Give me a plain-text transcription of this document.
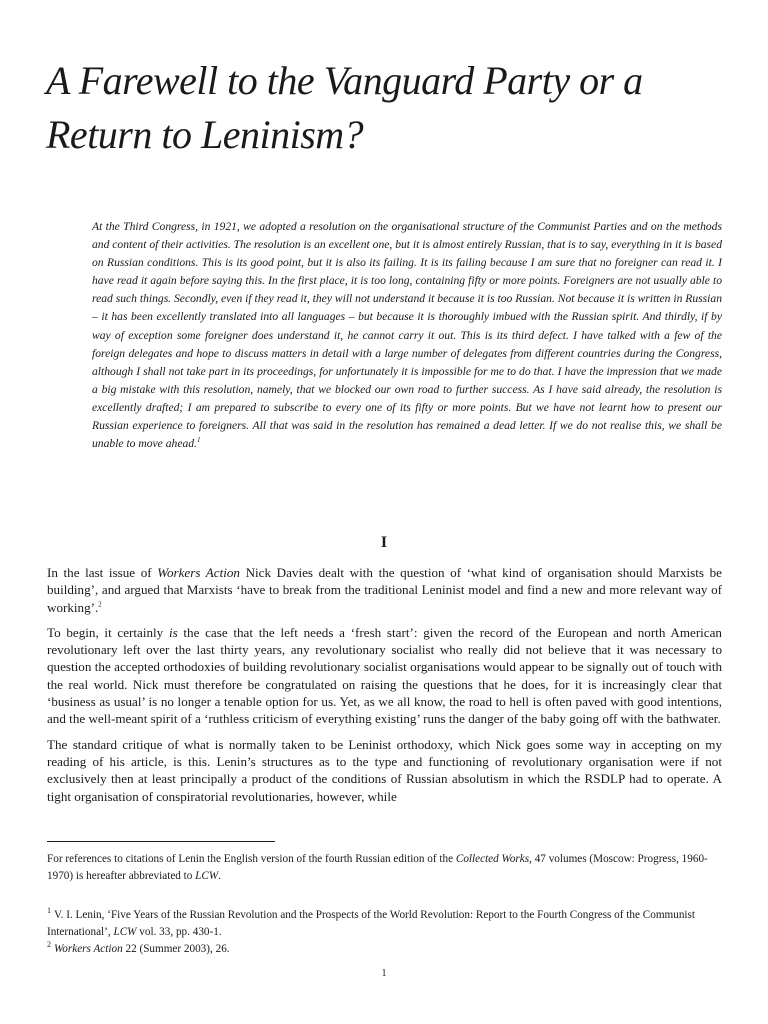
A Farewell to the Vanguard Party or a
Return to Leninism?

At the Third Congress, in 1921, we adopted a resolution on the organisational structure of the Communist Parties and on the methods and content of their activities. The resolution is an excellent one, but it is almost entirely Russian, that is to say, everything in it is based on Russian conditions. This is its good point, but it is also its failing. It is its failing because I am sure that no foreigner can read it. I have read it again before saying this. In the first place, it is too long, containing fifty or more points. Foreigners are not usually able to read such things. Secondly, even if they read it, they will not understand it because it is too Russian. Not because it is written in Russian – it has been excellently translated into all languages – but because it is thoroughly imbued with the Russian spirit. And thirdly, if by way of exception some foreigner does understand it, he cannot carry it out. This is its third defect. I have talked with a few of the foreign delegates and hope to discuss matters in detail with a large number of delegates from different countries during the Congress, although I shall not take part in its proceedings, for unfortunately it is impossible for me to do that. I have the impression that we made a big mistake with this resolution, namely, that we blocked our own road to further success. As I have said already, the resolution is excellently drafted; I am prepared to subscribe to every one of its fifty or more points. But we have not learnt how to present our Russian experience to foreigners. All that was said in the resolution has remained a dead letter. If we do not realise this, we shall be unable to move ahead.$^1$

I

In the last issue of Workers Action Nick Davies dealt with the question of ‘what kind of organisation should Marxists be building’, and argued that Marxists ‘have to break from the traditional Leninist model and find a new and more relevant way of working’.$^2$

To begin, it certainly is the case that the left needs a ‘fresh start’: given the record of the European and north American revolutionary left over the last thirty years, any revolutionary socialist who really did not believe that it was necessary to question the accepted orthodoxies of building revolutionary socialist organisations would appear to be signally out of touch with the real world. Nick must therefore be congratulated on raising the questions that he does, for it is increasingly clear that ‘business as usual’ is no longer a tenable option for us. Yet, as we all know, the road to hell is often paved with good intentions, and the well-meant spirit of a ‘ruthless criticism of everything existing’ runs the danger of the baby going off with the bathwater.

The standard critique of what is normally taken to be Leninist orthodoxy, which Nick goes some way in accepting on my reading of his article, is this. Lenin’s structures as to the type and functioning of revolutionary organisation were if not exclusively then at least principally a product of the conditions of Russian absolutism in which the RSDLP had to operate. A tight organisation of conspiratorial revolutionaries, however, while

For references to citations of Lenin the English version of the fourth Russian edition of the Collected Works, 47 volumes (Moscow: Progress, 1960-1970) is hereafter abbreviated to LCW.

$^1$ V. I. Lenin, ‘Five Years of the Russian Revolution and the Prospects of the World Revolution: Report to the Fourth Congress of the Communist International’, LCW vol. 33, pp. 430-1.

$^2$ Workers Action 22 (Summer 2003), 26.

1
